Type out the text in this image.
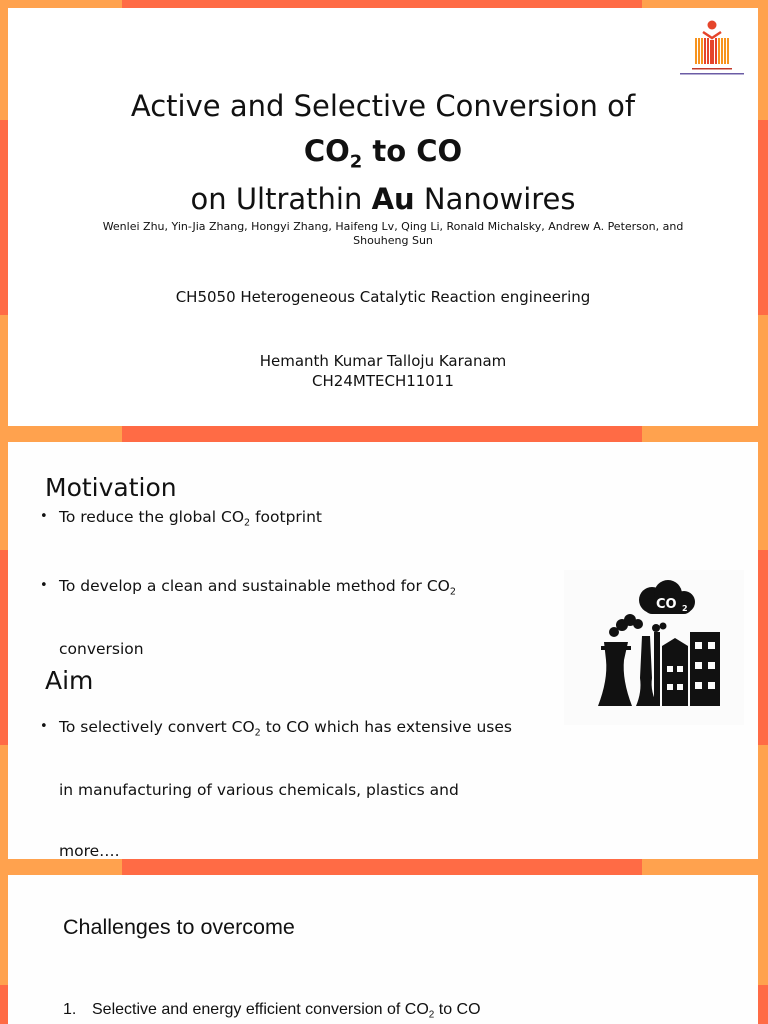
Active and Selective Conversion of
$CO_2$ to CO
on Ultrathin Au Nanowires
Wenlei Zhu, Yin-Jia Zhang, Hongyi Zhang, Haifeng Lv, Qing Li, Ronald Michalsky, Andrew A. Peterson, and Shouheng Sun
CH5050 Heterogeneous Catalytic Reaction engineering
Hemanth Kumar Talloju Karanam
CH24MTECH11011
Motivation
• To reduce the global $CO_2$ footprint
• To develop a clean and sustainable method for $CO_2$
conversion
Aim
• To selectively convert $CO_2$ to CO which has extensive uses
in manufacturing of various chemicals, plastics and
more….
CO 2
Challenges to overcome
1. Selective and energy efficient conversion of $CO_2$ to CO
